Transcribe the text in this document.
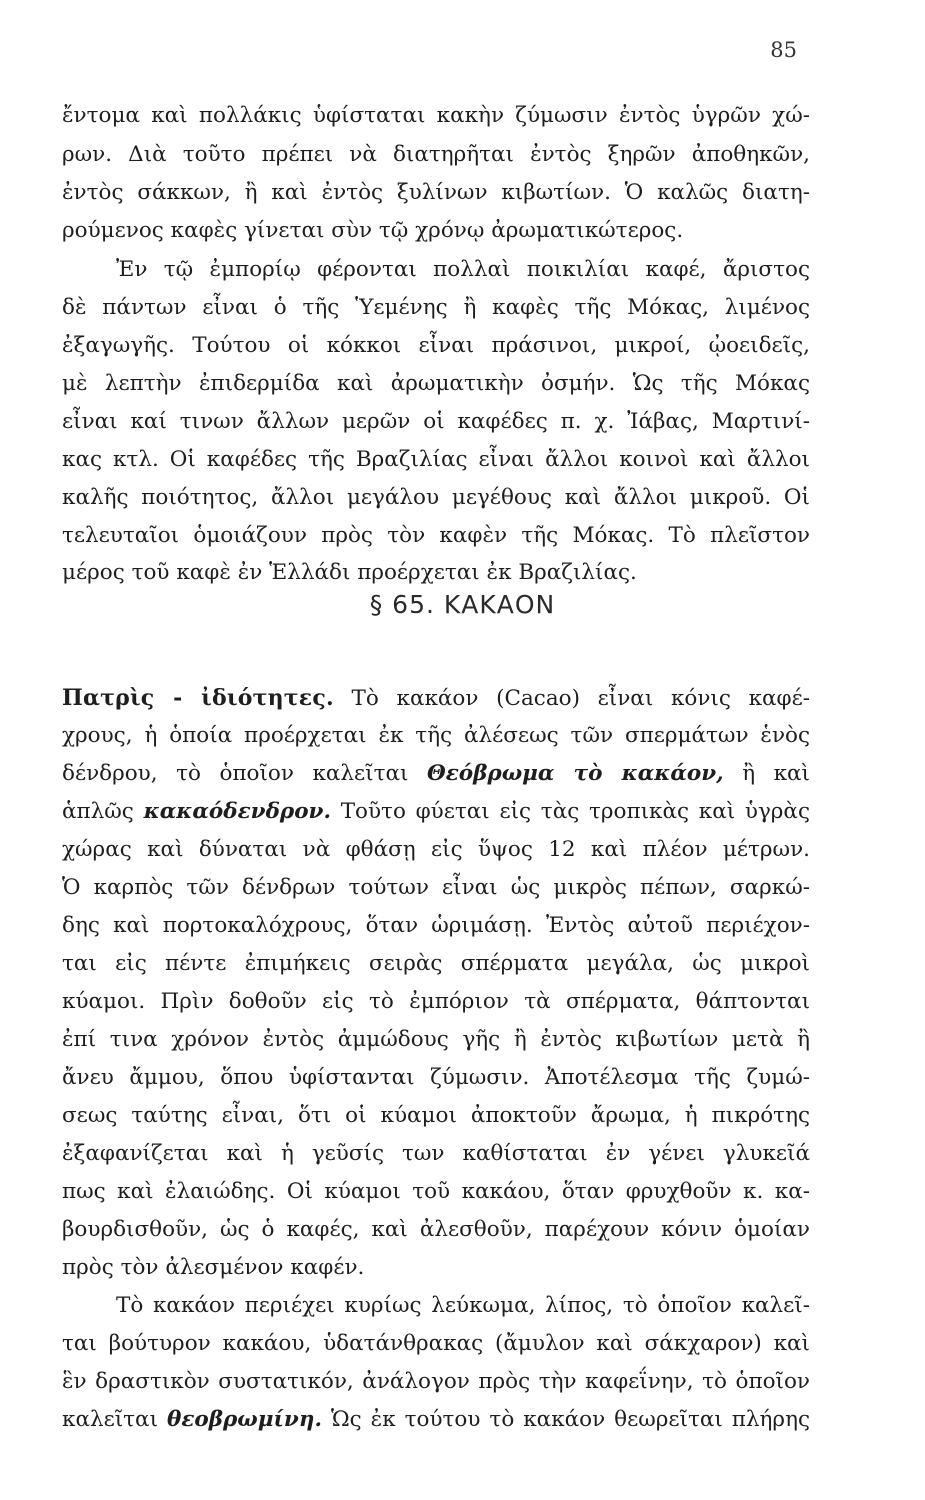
85

ἔντομα καὶ πολλάκις ὑφίσταται κακὴν ζύμωσιν ἐντὸς ὑγρῶν χώ-

ρων. Διὰ τοῦτο πρέπει νὰ διατηρῆται ἐντὸς ξηρῶν ἀποθηκῶν,

ἐντὸς σάκκων, ἢ καὶ ἐντὸς ξυλίνων κιβωτίων. Ὁ καλῶς διατη-

ρούμενος καφὲς γίνεται σὺν τῷ χρόνῳ ἀρωματικώτερος.

Ἐν τῷ ἐμπορίῳ φέρονται πολλαὶ ποικιλίαι καφέ, ἄριστος

δὲ πάντων εἶναι ὁ τῆς Ὑεμένης ἢ καφὲς τῆς Μόκας, λιμένος

ἐξαγωγῆς. Τούτου οἱ κόκκοι εἶναι πράσινοι, μικροί, ᾠοειδεῖς,

μὲ λεπτὴν ἐπιδερμίδα καὶ ἀρωματικὴν ὀσμήν. Ὡς τῆς Μόκας

εἶναι καί τινων ἄλλων μερῶν οἱ καφέδες π. χ. Ἰάβας, Μαρτινί-

κας κτλ. Οἱ καφέδες τῆς Βραζιλίας εἶναι ἄλλοι κοινοὶ καὶ ἄλλοι

καλῆς ποιότητος, ἄλλοι μεγάλου μεγέθους καὶ ἄλλοι μικροῦ. Οἱ

τελευταῖοι ὁμοιάζουν πρὸς τὸν καφὲν τῆς Μόκας. Τὸ πλεῖστον

μέρος τοῦ καφὲ ἐν Ἑλλάδι προέρχεται ἐκ Βραζιλίας.

§ 65. ΚΑΚΑΟΝ

Πατρὶς - ἰδιότητες. Τὸ κακάον (Cacao) εἶναι κόνις καφέ-

χρους, ἡ ὁποία προέρχεται ἐκ τῆς ἀλέσεως τῶν σπερμάτων ἑνὸς

δένδρου, τὸ ὁποῖον καλεῖται Θεόβρωμα τὸ κακάον, ἢ καὶ

ἁπλῶς κακαόδενδρον. Τοῦτο φύεται εἰς τὰς τροπικὰς καὶ ὑγρὰς

χώρας καὶ δύναται νὰ φθάσῃ εἰς ὕψος 12 καὶ πλέον μέτρων.

Ὁ καρπὸς τῶν δένδρων τούτων εἶναι ὡς μικρὸς πέπων, σαρκώ-

δης καὶ πορτοκαλόχρους, ὅταν ὡριμάσῃ. Ἐντὸς αὐτοῦ περιέχον-

ται εἰς πέντε ἐπιμήκεις σειρὰς σπέρματα μεγάλα, ὡς μικροὶ

κύαμοι. Πρὶν δοθοῦν εἰς τὸ ἐμπόριον τὰ σπέρματα, θάπτονται

ἐπί τινα χρόνον ἐντὸς ἀμμώδους γῆς ἢ ἐντὸς κιβωτίων μετὰ ἢ

ἄνευ ἄμμου, ὅπου ὑφίστανται ζύμωσιν. Ἀποτέλεσμα τῆς ζυμώ-

σεως ταύτης εἶναι, ὅτι οἱ κύαμοι ἀποκτοῦν ἄρωμα, ἡ πικρότης

ἐξαφανίζεται καὶ ἡ γεῦσίς των καθίσταται ἐν γένει γλυκεῖά

πως καὶ ἐλαιώδης. Οἱ κύαμοι τοῦ κακάου, ὅταν φρυχθοῦν κ. κα-

βουρδισθοῦν, ὡς ὁ καφές, καὶ ἀλεσθοῦν, παρέχουν κόνιν ὁμοίαν

πρὸς τὸν ἀλεσμένον καφέν.

Τὸ κακάον περιέχει κυρίως λεύκωμα, λίπος, τὸ ὁποῖον καλεῖ-

ται βούτυρον κακάου, ὑδατάνθρακας (ἄμυλον καὶ σάκχαρον) καὶ

ἓν δραστικὸν συστατικόν, ἀνάλογον πρὸς τὴν καφεΐνην, τὸ ὁποῖον

καλεῖται θεοβρωμίνη. Ὡς ἐκ τούτου τὸ κακάον θεωρεῖται πλήρης
